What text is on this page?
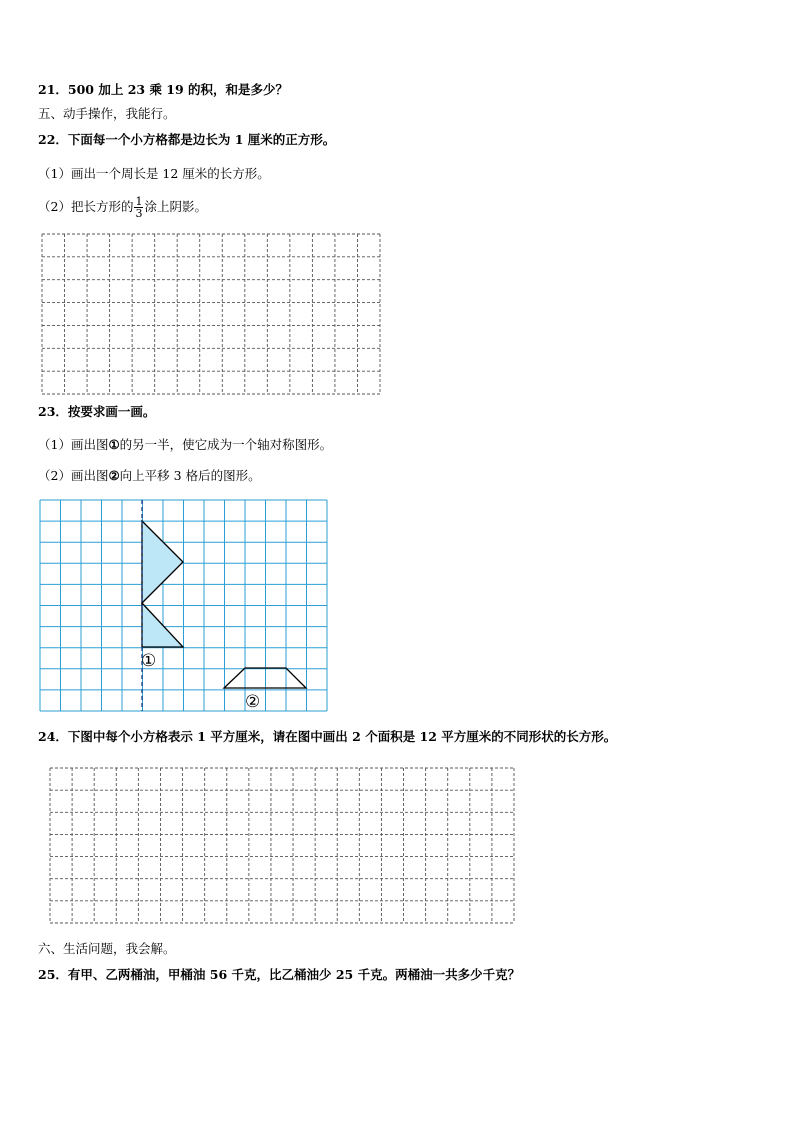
21．500 加上 23 乘 19 的积，和是多少？
五、动手操作，我能行。
22．下面每一个小方格都是边长为 1 厘米的正方形。
（1）画出一个周长是 12 厘米的长方形。
（2）把长方形的 $\frac{1}{3}$ 涂上阴影。
23．按要求画一画。
（1）画出图①的另一半，使它成为一个轴对称图形。
（2）画出图②向上平移 3 格后的图形。
①
②
24．下图中每个小方格表示 1 平方厘米，请在图中画出 2 个面积是 12 平方厘米的不同形状的长方形。
六、生活问题，我会解。
25．有甲、乙两桶油，甲桶油 56 千克，比乙桶油少 25 千克。两桶油一共多少千克？
